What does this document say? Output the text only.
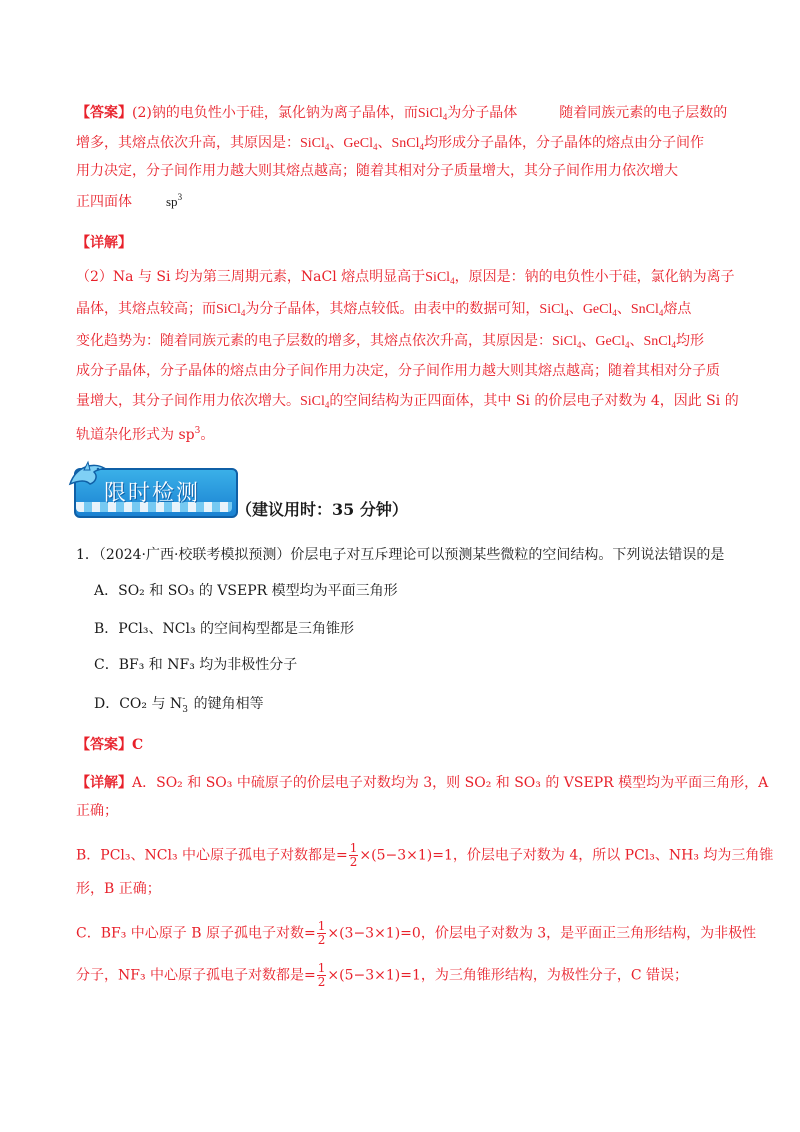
【答案】(2)钠的电负性小于硅，氯化钠为离子晶体，而SiCl$_4$为分子晶体	随着同族元素的电子层数的
增多，其熔点依次升高，其原因是：SiCl$_4$、GeCl$_4$、SnCl$_4$均形成分子晶体，分子晶体的熔点由分子间作
用力决定，分子间作用力越大则其熔点越高；随着其相对分子质量增大，其分子间作用力依次增大
正四面体	$sp^3$
【详解】
（2）Na 与 Si 均为第三周期元素，NaCl 熔点明显高于SiCl$_4$，原因是：钠的电负性小于硅，氯化钠为离子
晶体，其熔点较高；而SiCl$_4$为分子晶体，其熔点较低。由表中的数据可知，SiCl$_4$、GeCl$_4$、SnCl$_4$熔点
变化趋势为：随着同族元素的电子层数的增多，其熔点依次升高，其原因是：SiCl$_4$、GeCl$_4$、SnCl$_4$均形
成分子晶体，分子晶体的熔点由分子间作用力决定，分子间作用力越大则其熔点越高；随着其相对分子质
量增大，其分子间作用力依次增大。SiCl$_4$的空间结构为正四面体，其中 Si 的价层电子对数为 4，因此 Si 的
轨道杂化形式为 $sp^3$。
限时检测
（建议用时：35 分钟）
1．（2024·广西·校联考模拟预测）价层电子对互斥理论可以预测某些微粒的空间结构。下列说法错误的是
A．SO₂ 和 SO₃ 的 VSEPR 模型均为平面三角形
B．PCl₃、NCl₃ 的空间构型都是三角锥形
C．BF₃ 和 NF₃ 均为非极性分子
D．CO₂ 与 N 3
- 的键角相等
【答案】C
【详解】A．SO₂ 和 SO₃ 中硫原子的价层电子对数均为 3，则 SO₂ 和 SO₃ 的 VSEPR 模型均为平面三角形，A
正确；
B．PCl₃、NCl₃ 中心原子孤电子对数都是= $\frac{1}{2} \times(5-3\times 1)=1$，价层电子对数为 4，所以 PCl₃、NH₃ 均为三角锥
形，B 正确；
C．BF₃ 中心原子 B 原子孤电子对数= $\frac{1}{2} \times(3-3\times 1)=0$，价层电子对数为 3，是平面正三角形结构，为非极性
分子，NF₃ 中心原子孤电子对数都是= $\frac{1}{2} \times(5-3\times 1)=1$，为三角锥形结构，为极性分子，C 错误；
